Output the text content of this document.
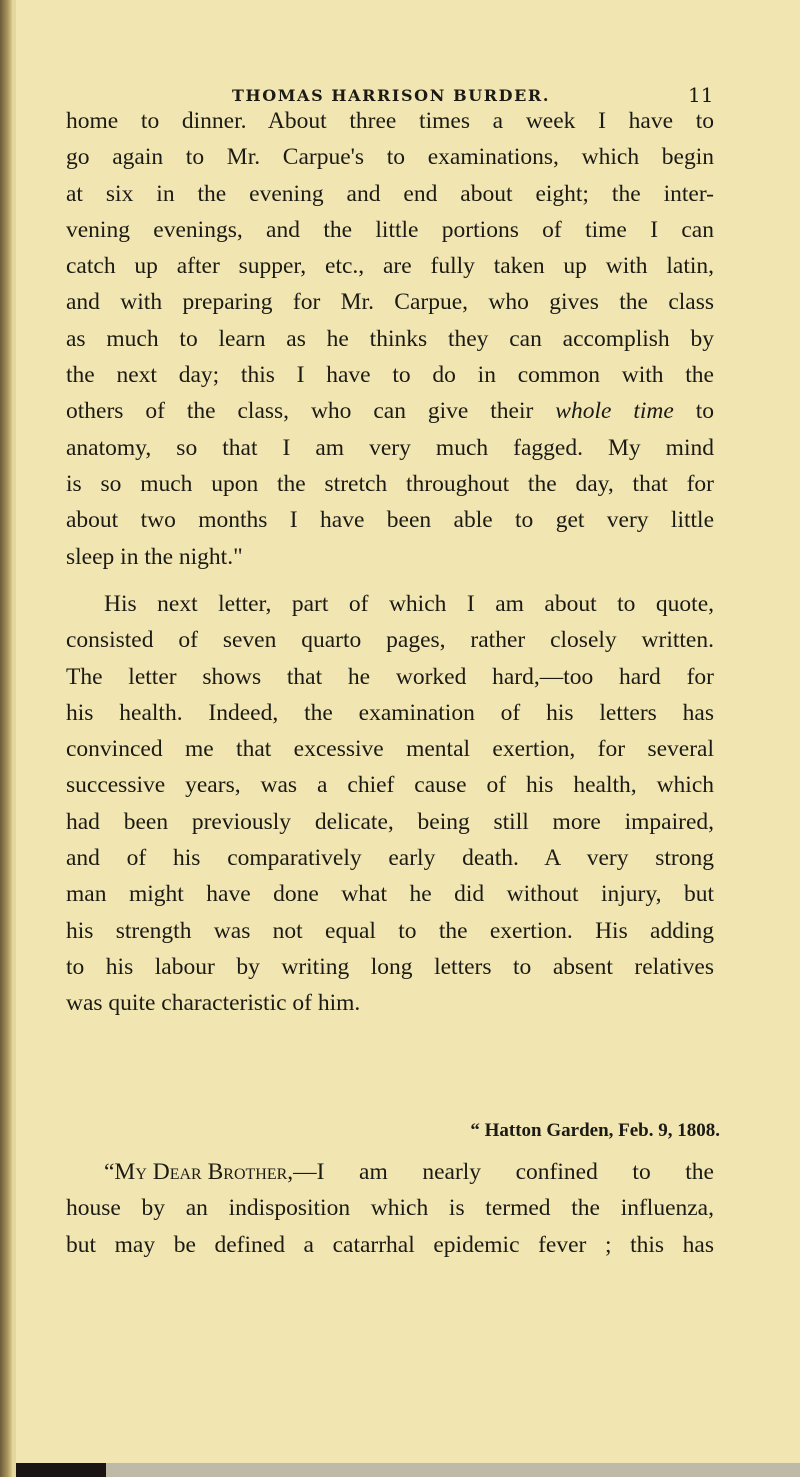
THOMAS HARRISON BURDER.	11
home to dinner. About three times a week I have to
go again to Mr. Carpue's to examinations, which begin
at six in the evening and end about eight; the inter-
vening evenings, and the little portions of time I can
catch up after supper, etc., are fully taken up with latin,
and with preparing for Mr. Carpue, who gives the class
as much to learn as he thinks they can accomplish by
the next day; this I have to do in common with the
others of the class, who can give their whole time to
anatomy, so that I am very much fagged. My mind
is so much upon the stretch throughout the day, that for
about two months I have been able to get very little
sleep in the night."
His next letter, part of which I am about to quote,
consisted of seven quarto pages, rather closely written.
The letter shows that he worked hard,—too hard for
his health. Indeed, the examination of his letters has
convinced me that excessive mental exertion, for several
successive years, was a chief cause of his health, which
had been previously delicate, being still more impaired,
and of his comparatively early death. A very strong
man might have done what he did without injury, but
his strength was not equal to the exertion. His adding
to his labour by writing long letters to absent relatives
was quite characteristic of him.
“ Hatton Garden, Feb. 9, 1808.
“My Dear Brother, —I am nearly confined to the
house by an indisposition which is termed the influenza,
but may be defined a catarrhal epidemic fever ; this has
